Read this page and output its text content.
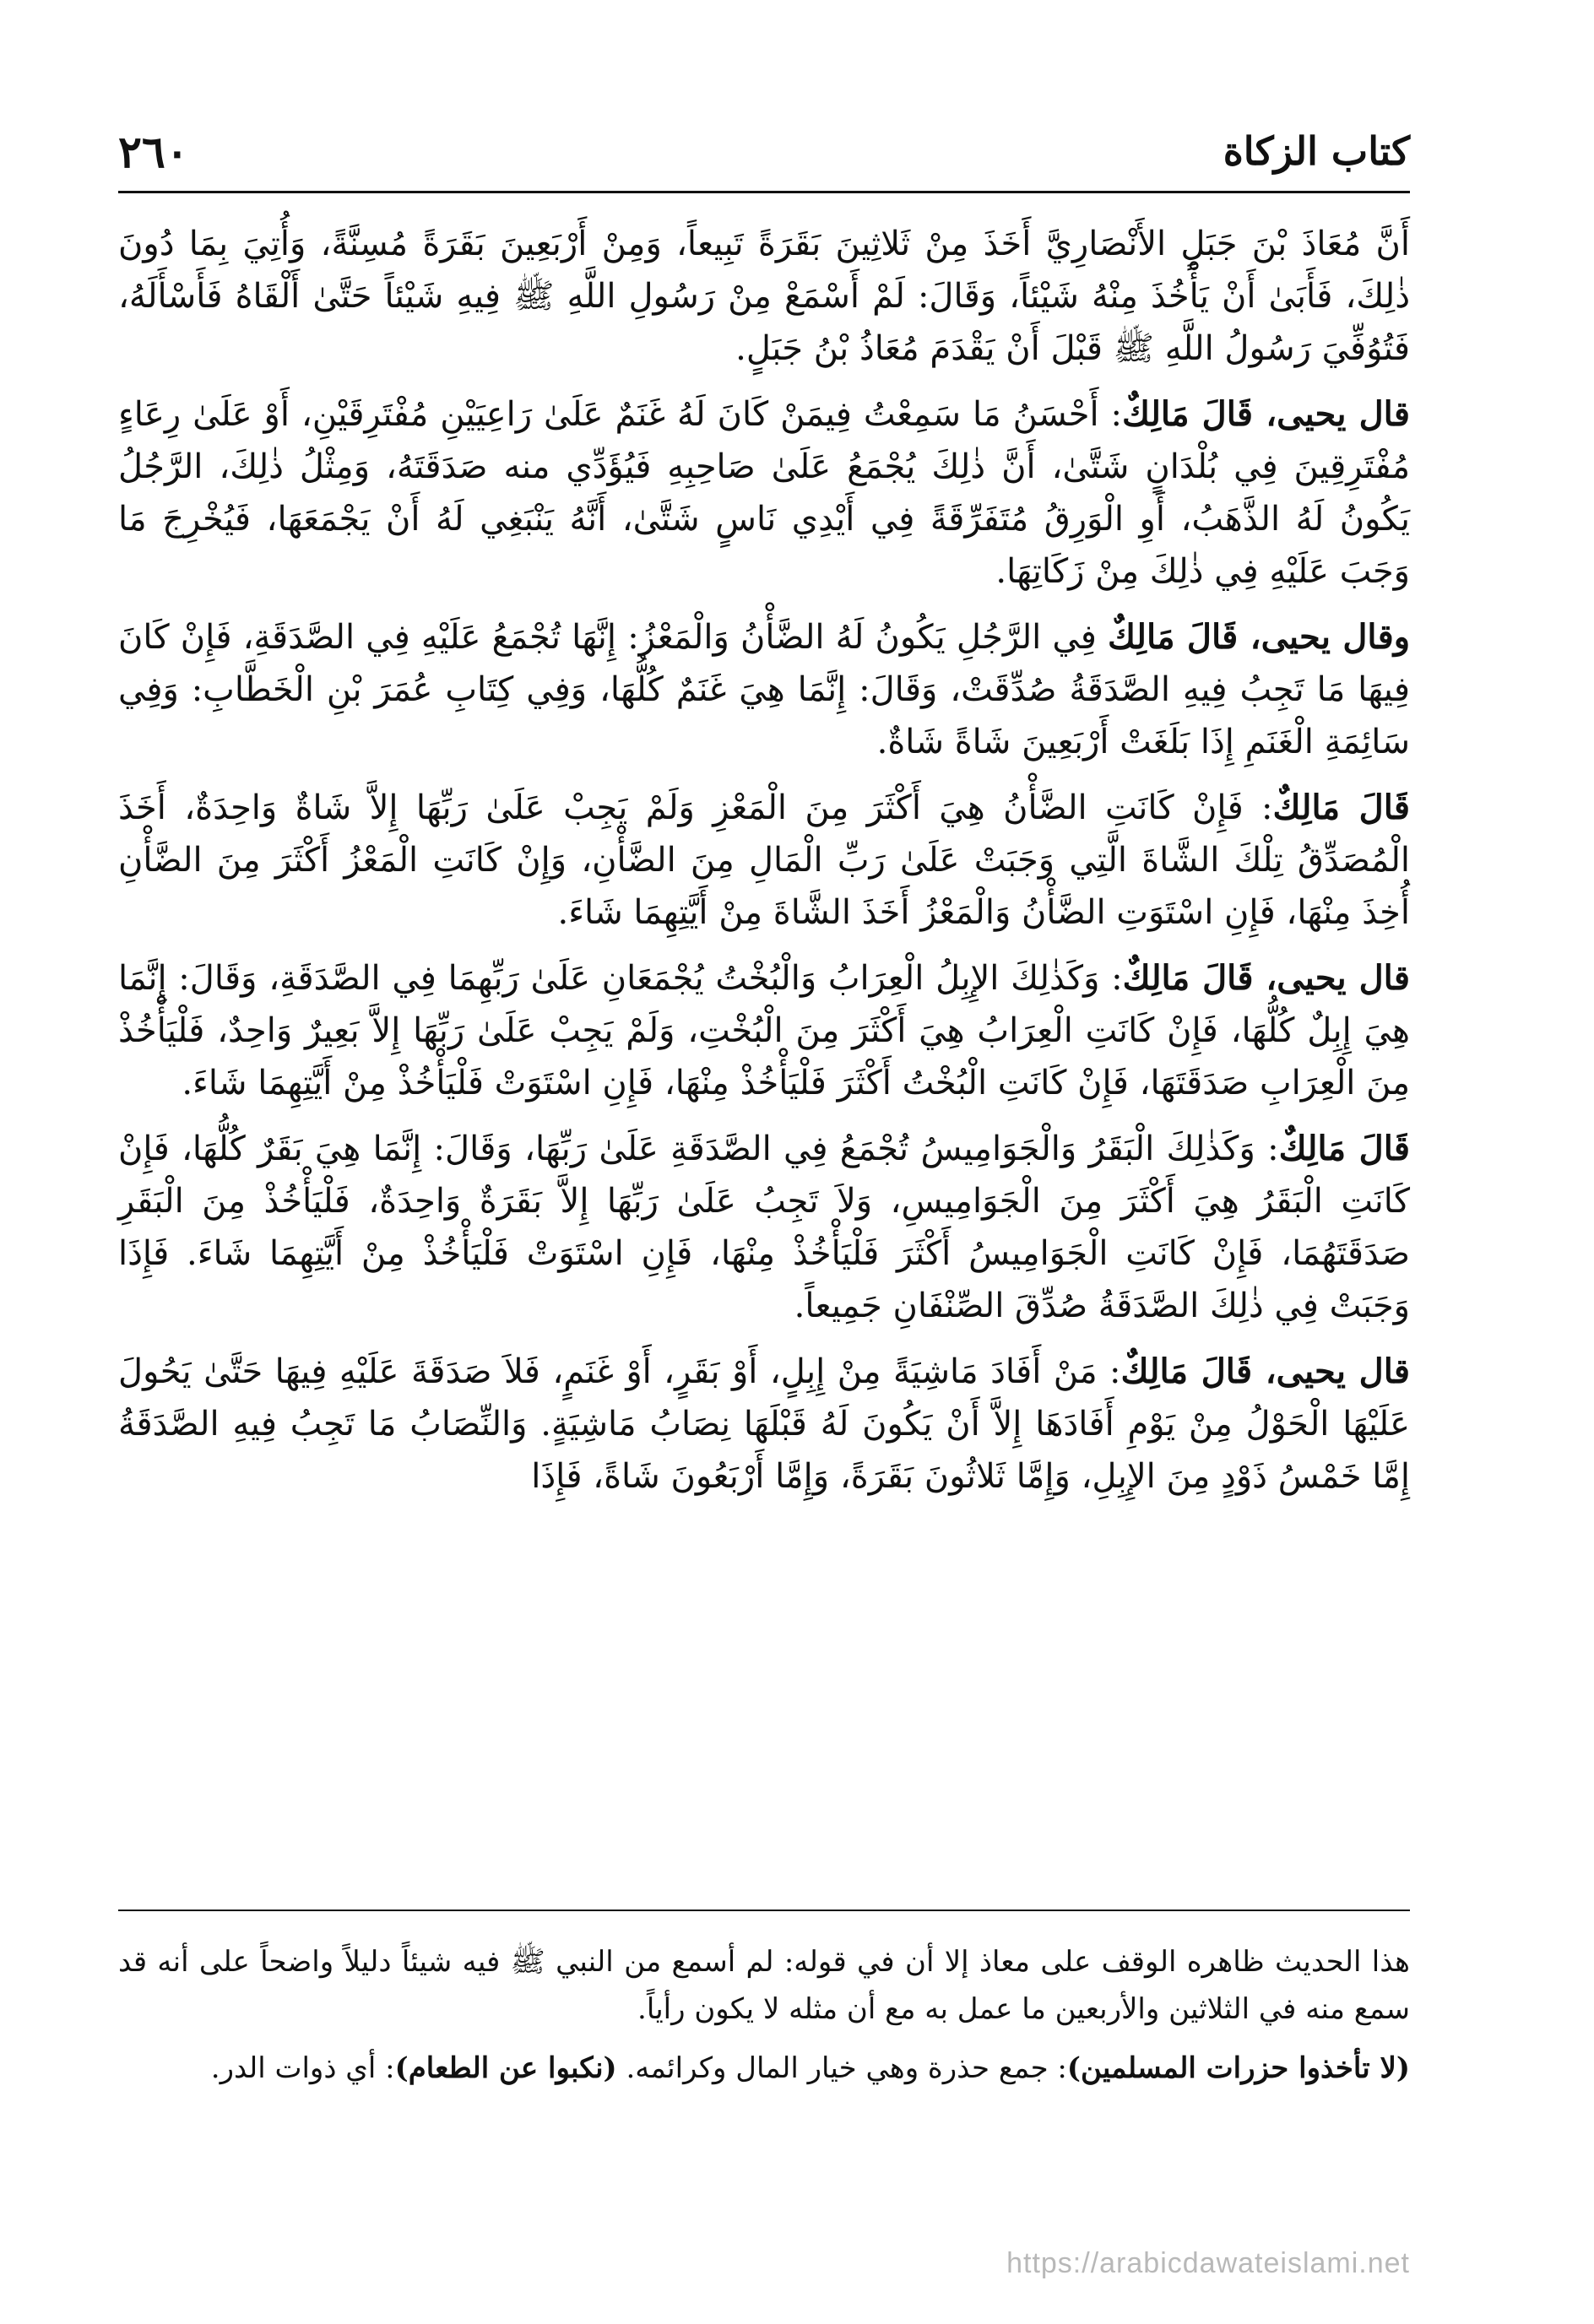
٢٦٠	كتاب الزكاة

أَنَّ مُعَاذَ بْنَ جَبَلٍ الأَنْصَارِيَّ أَخَذَ مِنْ ثَلاثِينَ بَقَرَةً تَبِيعاً، وَمِنْ أَرْبَعِينَ بَقَرَةً مُسِنَّةً، وَأُتِيَ بِمَا دُونَ ذٰلِكَ، فَأَبَىٰ أَنْ يَأْخُذَ مِنْهُ شَيْئاً، وَقَالَ: لَمْ أَسْمَعْ مِنْ رَسُولِ اللَّهِ ﷺ فِيهِ شَيْئاً حَتَّىٰ أَلْقَاهُ فَأَسْأَلَهُ، فَتُوُفِّيَ رَسُولُ اللَّهِ ﷺ قَبْلَ أَنْ يَقْدَمَ مُعَاذُ بْنُ جَبَلٍ.

قال يحيى، قَالَ مَالِكٌ: أَحْسَنُ مَا سَمِعْتُ فِيمَنْ كَانَ لَهُ غَنَمٌ عَلَىٰ رَاعِيَيْنِ مُفْتَرِقَيْنِ، أَوْ عَلَىٰ رِعَاءٍ مُفْتَرِقِينَ فِي بُلْدَانٍ شَتَّىٰ، أَنَّ ذٰلِكَ يُجْمَعُ عَلَىٰ صَاحِبِهِ فَيُؤَدِّي منه صَدَقَتَهُ، وَمِثْلُ ذٰلِكَ، الرَّجُلُ يَكُونُ لَهُ الذَّهَبُ، أَوِ الْوَرِقُ مُتَفَرِّقَةً فِي أَيْدِي نَاسٍ شَتَّىٰ، أَنَّهُ يَنْبَغِي لَهُ أَنْ يَجْمَعَهَا، فَيُخْرِجَ مَا وَجَبَ عَلَيْهِ فِي ذٰلِكَ مِنْ زَكَاتِهَا.

وقال يحيى، قَالَ مَالِكٌ فِي الرَّجُلِ يَكُونُ لَهُ الضَّأْنُ وَالْمَعْزُ: إِنَّهَا تُجْمَعُ عَلَيْهِ فِي الصَّدَقَةِ، فَإِنْ كَانَ فِيهَا مَا تَجِبُ فِيهِ الصَّدَقَةُ صُدِّقَتْ، وَقَالَ: إِنَّمَا هِيَ غَنَمٌ كُلُّهَا، وَفِي كِتَابِ عُمَرَ بْنِ الْخَطَّابِ: وَفِي سَائِمَةِ الْغَنَمِ إِذَا بَلَغَتْ أَرْبَعِينَ شَاةً شَاةٌ.

قَالَ مَالِكٌ: فَإِنْ كَانَتِ الضَّأْنُ هِيَ أَكْثَرَ مِنَ الْمَعْزِ وَلَمْ يَجِبْ عَلَىٰ رَبِّهَا إِلاَّ شَاةٌ وَاحِدَةٌ، أَخَذَ الْمُصَدِّقُ تِلْكَ الشَّاةَ الَّتِي وَجَبَتْ عَلَىٰ رَبِّ الْمَالِ مِنَ الضَّأْنِ، وَإِنْ كَانَتِ الْمَعْزُ أَكْثَرَ مِنَ الضَّأْنِ أُخِذَ مِنْهَا، فَإِنِ اسْتَوَتِ الضَّأْنُ وَالْمَعْزُ أَخَذَ الشَّاةَ مِنْ أَيَّتِهِمَا شَاءَ.

قال يحيى، قَالَ مَالِكٌ: وَكَذٰلِكَ الإِبِلُ الْعِرَابُ وَالْبُخْتُ يُجْمَعَانِ عَلَىٰ رَبِّهِمَا فِي الصَّدَقَةِ، وَقَالَ: إِنَّمَا هِيَ إِبِلٌ كُلُّهَا، فَإِنْ كَانَتِ الْعِرَابُ هِيَ أَكْثَرَ مِنَ الْبُخْتِ، وَلَمْ يَجِبْ عَلَىٰ رَبِّهَا إِلاَّ بَعِيرٌ وَاحِدٌ، فَلْيَأْخُذْ مِنَ الْعِرَابِ صَدَقَتَهَا، فَإِنْ كَانَتِ الْبُخْتُ أَكْثَرَ فَلْيَأْخُذْ مِنْهَا، فَإِنِ اسْتَوَتْ فَلْيَأْخُذْ مِنْ أَيَّتِهِمَا شَاءَ.

قَالَ مَالِكٌ: وَكَذٰلِكَ الْبَقَرُ وَالْجَوَامِيسُ تُجْمَعُ فِي الصَّدَقَةِ عَلَىٰ رَبِّهَا، وَقَالَ: إِنَّمَا هِيَ بَقَرٌ كُلُّهَا، فَإِنْ كَانَتِ الْبَقَرُ هِيَ أَكْثَرَ مِنَ الْجَوَامِيسِ، وَلاَ تَجِبُ عَلَىٰ رَبِّهَا إِلاَّ بَقَرَةٌ وَاحِدَةٌ، فَلْيَأْخُذْ مِنَ الْبَقَرِ صَدَقَتَهُمَا، فَإِنْ كَانَتِ الْجَوَامِيسُ أَكْثَرَ فَلْيَأْخُذْ مِنْهَا، فَإِنِ اسْتَوَتْ فَلْيَأْخُذْ مِنْ أَيَّتِهِمَا شَاءَ. فَإِذَا وَجَبَتْ فِي ذٰلِكَ الصَّدَقَةُ صُدِّقَ الصِّنْفَانِ جَمِيعاً.

قال يحيى، قَالَ مَالِكٌ: مَنْ أَفَادَ مَاشِيَةً مِنْ إِبِلٍ، أَوْ بَقَرٍ، أَوْ غَنَمٍ، فَلاَ صَدَقَةَ عَلَيْهِ فِيهَا حَتَّىٰ يَحُولَ عَلَيْهَا الْحَوْلُ مِنْ يَوْمِ أَفَادَهَا إِلاَّ أَنْ يَكُونَ لَهُ قَبْلَهَا نِصَابُ مَاشِيَةٍ. وَالنِّصَابُ مَا تَجِبُ فِيهِ الصَّدَقَةُ إِمَّا خَمْسُ ذَوْدٍ مِنَ الإِبِلِ، وَإِمَّا ثَلاثُونَ بَقَرَةً، وَإِمَّا أَرْبَعُونَ شَاةً، فَإِذَا

هذا الحديث ظاهره الوقف على معاذ إلا أن في قوله: لم أسمع من النبي ﷺ فيه شيئاً دليلاً واضحاً على أنه قد سمع منه في الثلاثين والأربعين ما عمل به مع أن مثله لا يكون رأياً.

(لا تأخذوا حزرات المسلمين): جمع حذرة وهي خيار المال وكرائمه. (نكبوا عن الطعام): أي ذوات الدر.

https://arabicdawateislami.net
